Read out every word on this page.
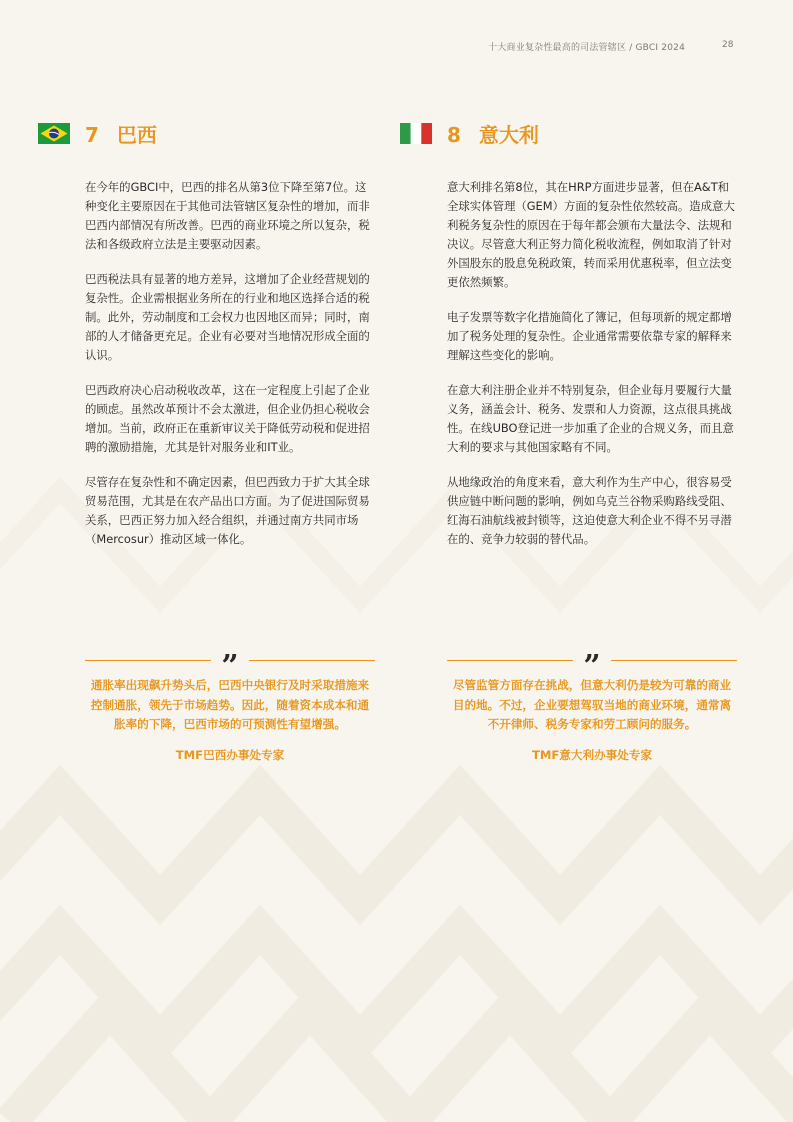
十大商业复杂性最高的司法管辖区 / GBCI 2024	28
7 巴西

在今年的GBCI中，巴西的排名从第3位下降至第7位。这种变化主要原因在于其他司法管辖区复杂性的增加，而非巴西内部情况有所改善。巴西的商业环境之所以复杂，税法和各级政府立法是主要驱动因素。

巴西税法具有显著的地方差异，这增加了企业经营规划的复杂性。企业需根据业务所在的行业和地区选择合适的税制。此外，劳动制度和工会权力也因地区而异；同时，南部的人才储备更充足。企业有必要对当地情况形成全面的认识。

巴西政府决心启动税收改革，这在一定程度上引起了企业的顾虑。虽然改革预计不会太激进，但企业仍担心税收会增加。当前，政府正在重新审议关于降低劳动税和促进招聘的激励措施，尤其是针对服务业和IT业。

尽管存在复杂性和不确定因素，但巴西致力于扩大其全球贸易范围，尤其是在农产品出口方面。为了促进国际贸易关系，巴西正努力加入经合组织，并通过南方共同市场（Mercosur）推动区域一体化。

8 意大利

意大利排名第8位，其在HRP方面进步显著，但在A&T和全球实体管理（GEM）方面的复杂性依然较高。造成意大利税务复杂性的原因在于每年都会颁布大量法令、法规和决议。尽管意大利正努力简化税收流程，例如取消了针对外国股东的股息免税政策，转而采用优惠税率，但立法变更依然频繁。

电子发票等数字化措施简化了簿记，但每项新的规定都增加了税务处理的复杂性。企业通常需要依靠专家的解释来理解这些变化的影响。

在意大利注册企业并不特别复杂，但企业每月要履行大量义务，涵盖会计、税务、发票和人力资源，这点很具挑战性。在线UBO登记进一步加重了企业的合规义务，而且意大利的要求与其他国家略有不同。

从地缘政治的角度来看，意大利作为生产中心，很容易受供应链中断问题的影响，例如乌克兰谷物采购路线受阻、红海石油航线被封锁等，这迫使意大利企业不得不另寻潜在的、竞争力较弱的替代品。

”
通胀率出现飙升势头后，巴西中央银行及时采取措施来控制通胀，领先于市场趋势。因此，随着资本成本和通胀率的下降，巴西市场的可预测性有望增强。
TMF巴西办事处专家
”
尽管监管方面存在挑战，但意大利仍是较为可靠的商业目的地。不过，企业要想驾驭当地的商业环境，通常离不开律师、税务专家和劳工顾问的服务。
TMF意大利办事处专家
